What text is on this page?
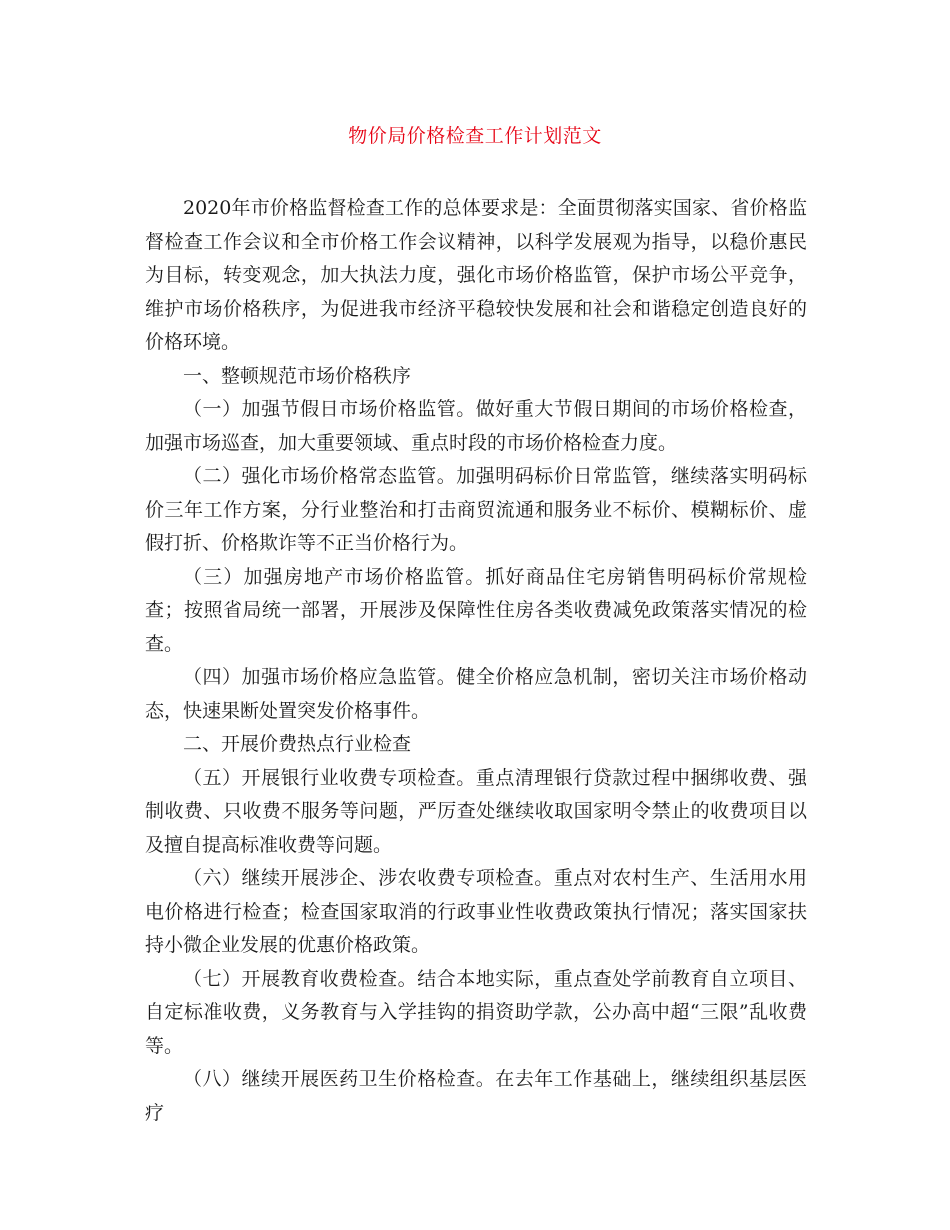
物价局价格检查工作计划范文

2020年市价格监督检查工作的总体要求是：全面贯彻落实国家、省价格监督检查工作会议和全市价格工作会议精神，以科学发展观为指导，以稳价惠民为目标，转变观念，加大执法力度，强化市场价格监管，保护市场公平竞争，维护市场价格秩序，为促进我市经济平稳较快发展和社会和谐稳定创造良好的价格环境。

一、整顿规范市场价格秩序

（一）加强节假日市场价格监管。做好重大节假日期间的市场价格检查，加强市场巡查，加大重要领域、重点时段的市场价格检查力度。

（二）强化市场价格常态监管。加强明码标价日常监管，继续落实明码标价三年工作方案，分行业整治和打击商贸流通和服务业不标价、模糊标价、虚假打折、价格欺诈等不正当价格行为。

（三）加强房地产市场价格监管。抓好商品住宅房销售明码标价常规检查；按照省局统一部署，开展涉及保障性住房各类收费减免政策落实情况的检查。

（四）加强市场价格应急监管。健全价格应急机制，密切关注市场价格动态，快速果断处置突发价格事件。

二、开展价费热点行业检查

（五）开展银行业收费专项检查。重点清理银行贷款过程中捆绑收费、强制收费、只收费不服务等问题，严厉查处继续收取国家明令禁止的收费项目以及擅自提高标准收费等问题。

（六）继续开展涉企、涉农收费专项检查。重点对农村生产、生活用水用电价格进行检查；检查国家取消的行政事业性收费政策执行情况；落实国家扶持小微企业发展的优惠价格政策。

（七）开展教育收费检查。结合本地实际，重点查处学前教育自立项目、自定标准收费，义务教育与入学挂钩的捐资助学款，公办高中超“三限”乱收费等。

（八）继续开展医药卫生价格检查。在去年工作基础上，继续组织基层医疗
